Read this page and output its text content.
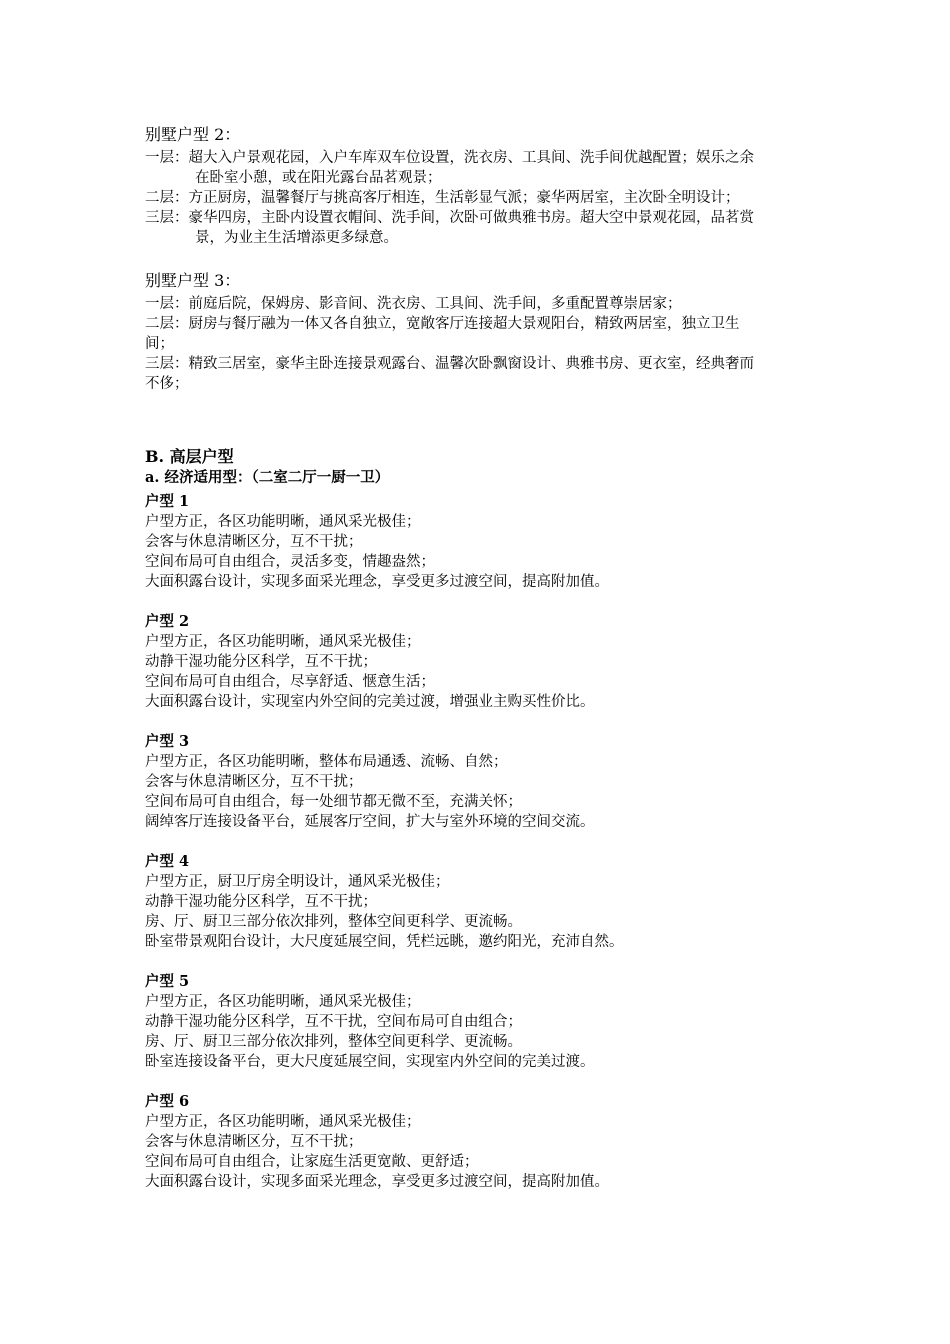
别墅户型 2：
一层：超大入户景观花园，入户车库双车位设置，洗衣房、工具间、洗手间优越配置；娱乐之余
在卧室小憩，或在阳光露台品茗观景；
二层：方正厨房，温馨餐厅与挑高客厅相连，生活彰显气派；豪华两居室，主次卧全明设计；
三层：豪华四房，主卧内设置衣帽间、洗手间，次卧可做典雅书房。超大空中景观花园，品茗赏
景，为业主生活增添更多绿意。
别墅户型 3：
一层：前庭后院，保姆房、影音间、洗衣房、工具间、洗手间，多重配置尊崇居家；
二层：厨房与餐厅融为一体又各自独立，宽敞客厅连接超大景观阳台，精致两居室，独立卫生
间；
三层：精致三居室，豪华主卧连接景观露台、温馨次卧飘窗设计、典雅书房、更衣室，经典奢而
不侈；
B. 高层户型
a. 经济适用型：（二室二厅一厨一卫）
户型 1
户型方正，各区功能明晰，通风采光极佳；
会客与休息清晰区分，互不干扰；
空间布局可自由组合，灵活多变，情趣盎然；
大面积露台设计，实现多面采光理念，享受更多过渡空间，提高附加值。
户型 2
户型方正，各区功能明晰，通风采光极佳；
动静干湿功能分区科学，互不干扰；
空间布局可自由组合，尽享舒适、惬意生活；
大面积露台设计，实现室内外空间的完美过渡，增强业主购买性价比。
户型 3
户型方正，各区功能明晰，整体布局通透、流畅、自然；
会客与休息清晰区分，互不干扰；
空间布局可自由组合，每一处细节都无微不至，充满关怀；
阔绰客厅连接设备平台，延展客厅空间，扩大与室外环境的空间交流。
户型 4
户型方正，厨卫厅房全明设计，通风采光极佳；
动静干湿功能分区科学，互不干扰；
房、厅、厨卫三部分依次排列，整体空间更科学、更流畅。
卧室带景观阳台设计，大尺度延展空间，凭栏远眺，邀约阳光，充沛自然。
户型 5
户型方正，各区功能明晰，通风采光极佳；
动静干湿功能分区科学，互不干扰，空间布局可自由组合；
房、厅、厨卫三部分依次排列，整体空间更科学、更流畅。
卧室连接设备平台，更大尺度延展空间，实现室内外空间的完美过渡。
户型 6
户型方正，各区功能明晰，通风采光极佳；
会客与休息清晰区分，互不干扰；
空间布局可自由组合，让家庭生活更宽敞、更舒适；
大面积露台设计，实现多面采光理念，享受更多过渡空间，提高附加值。
